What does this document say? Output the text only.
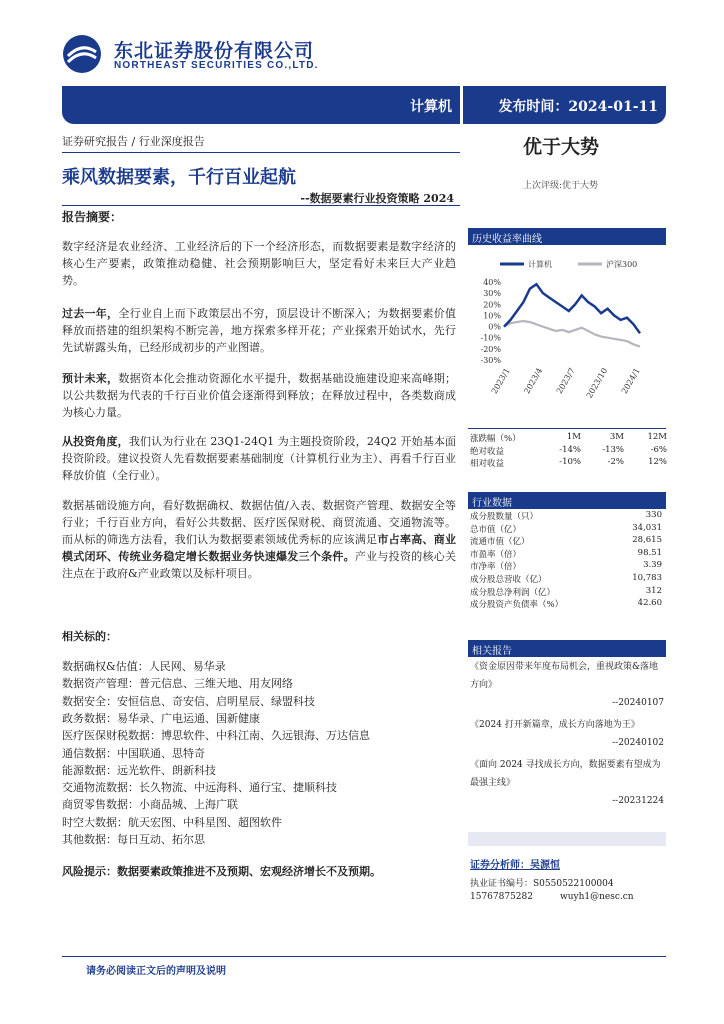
东北证券股份有限公司
NORTHEAST SECURITIES CO.,LTD.
计算机	发布时间：2024-01-11
证券研究报告 / 行业深度报告	优于大势
上次评级:优于大势
乘风数据要素，千行百业起航
--数据要素行业投资策略 2024
报告摘要：
数字经济是农业经济、工业经济后的下一个经济形态，而数据要素是数字经济的核心生产要素，政策推动稳健、社会预期影响巨大，坚定看好未来巨大产业趋势。
过去一年，全行业自上而下政策层出不穷，顶层设计不断深入；为数据要素价值释放而搭建的组织架构不断完善，地方探索多样开花；产业探索开始试水，先行先试崭露头角，已经形成初步的产业图谱。
预计未来，数据资本化会推动资源化水平提升，数据基础设施建设迎来高峰期；以公共数据为代表的千行百业价值会逐渐得到释放；在释放过程中，各类数商成为核心力量。
从投资角度，我们认为行业在 23Q1-24Q1 为主题投资阶段，24Q2 开始基本面投资阶段。建议投资人先看数据要素基础制度（计算机行业为主）、再看千行百业释放价值（全行业）。
数据基础设施方向，看好数据确权、数据估值/入表、数据资产管理、数据安全等行业；千行百业方向，看好公共数据、医疗医保财税、商贸流通、交通物流等。而从标的筛选方法看，我们认为数据要素领域优秀标的应该满足市占率高、商业模式闭环、传统业务稳定增长数据业务快速爆发三个条件。产业与投资的核心关注点在于政府&产业政策以及标杆项目。
相关标的：
数据确权&估值：人民网、易华录
数据资产管理：普元信息、三维天地、用友网络
数据安全：安恒信息、奇安信、启明星辰、绿盟科技
政务数据：易华录、广电运通、国新健康
医疗医保财税数据：博思软件、中科江南、久远银海、万达信息
通信数据：中国联通、思特奇
能源数据：远光软件、朗新科技
交通物流数据：长久物流、中远海科、通行宝、捷顺科技
商贸零售数据：小商品城、上海广联
时空大数据：航天宏图、中科星图、超图软件
其他数据：每日互动、拓尔思
风险提示：数据要素政策推进不及预期、宏观经济增长不及预期。
历史收益率曲线
计算机	沪深300
40%
30%
20%
10%
0%
-10%
-20%
-30%
2023/1 2023/4 2023/7 2023/10 2024/1
涨跌幅（%）	1M	3M	12M
绝对收益	-14%	-13%	-6%
相对收益	-10%	-2%	12%
行业数据
成分股数量（只）	330
总市值（亿）	34,031
流通市值（亿）	28,615
市盈率（倍）	98.51
市净率（倍）	3.39
成分股总营收（亿）	10,783
成分股总净利润（亿）	312
成分股资产负债率（%）	42.60
相关报告
《资金原因带来年度布局机会，重视政策&落地方向》
--20240107
《2024 打开新篇章，成长方向落地为王》
--20240102
《面向 2024 寻找成长方向，数据要素有望成为最强主线》
--20231224
证券分析师：吴源恒
执业证书编号：S0550522100004
15767875282	wuyh1@nesc.cn
请务必阅读正文后的声明及说明
